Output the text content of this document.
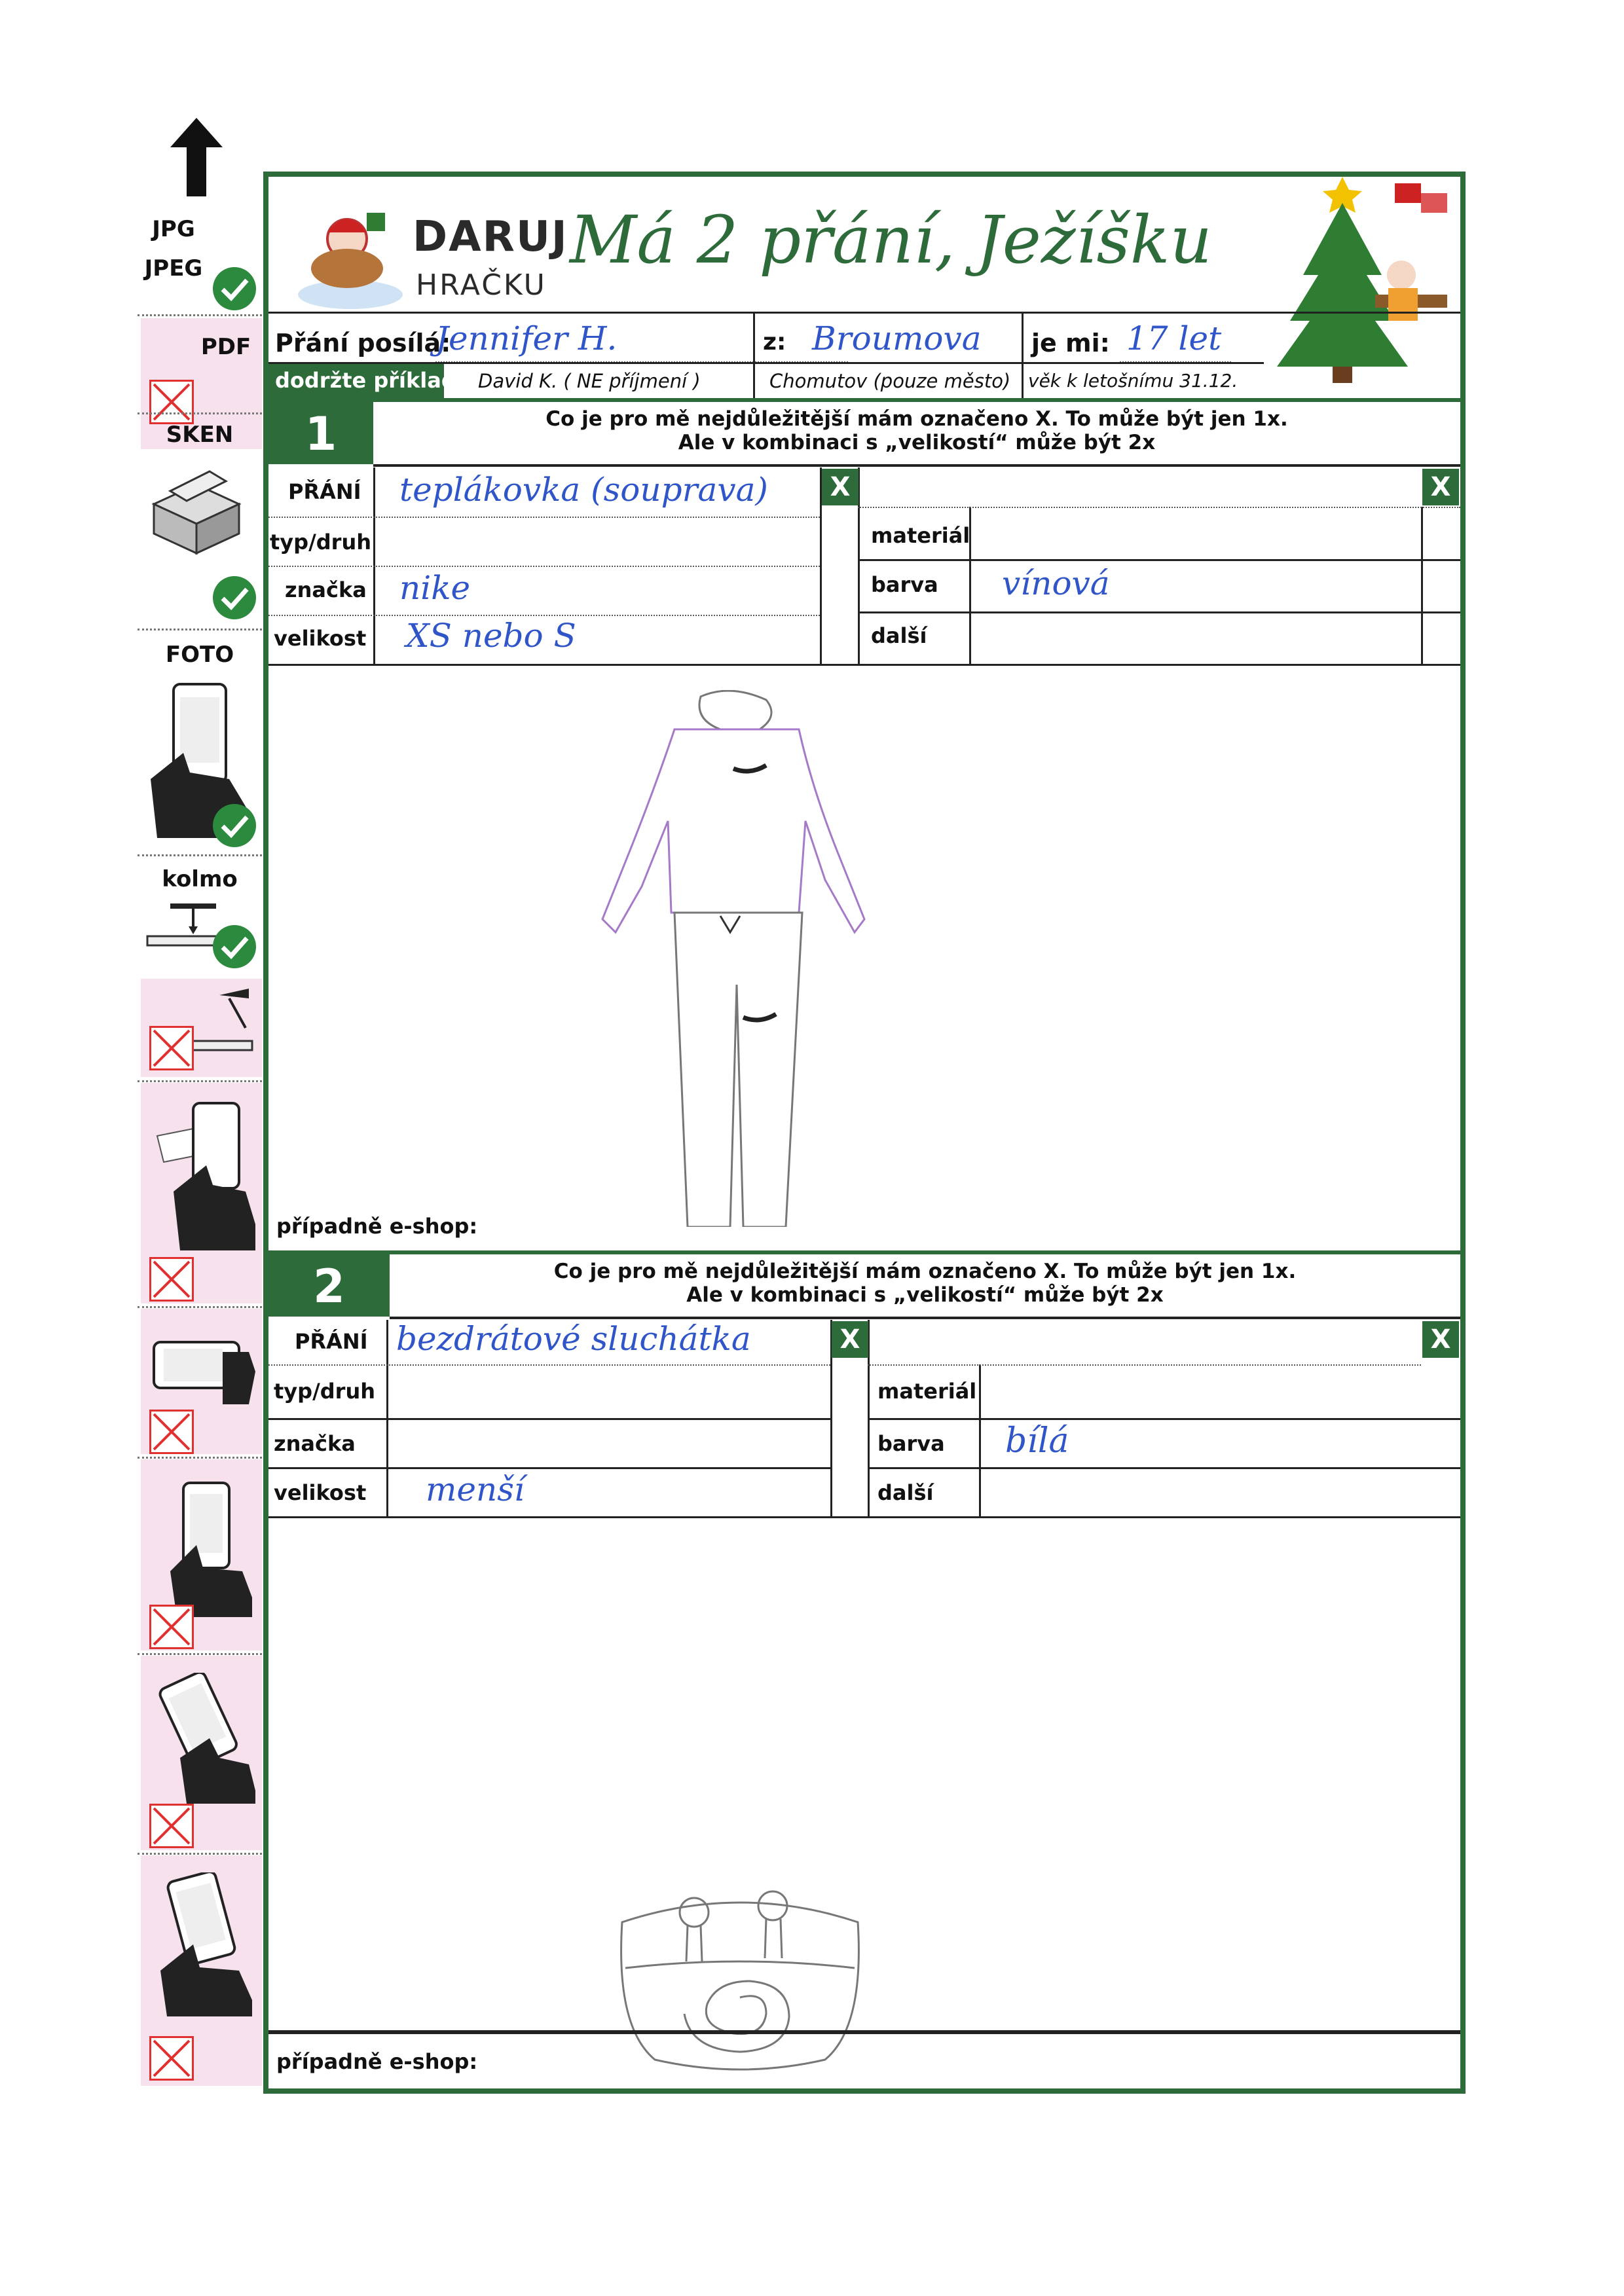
JPG
JPEG
PDF
SKEN
FOTO
kolmo
DARUJ
HRAČKU
Má 2 přání, Ježíšku
Přání posílá:
Jennifer H.	z: Broumova je mi: 17 let
dodržte příklady: David K. ( NE příjmení )	Chomutov (pouze město) věk k letošnímu 31.12.
1	Co je pro mě nejdůležitější mám označeno X. To může být jen 1x.
Ale v kombinaci s „velikostí“ může být 2x
PŘÁNÍ teplákovka (souprava)
typ/druh
značka nike
velikost XS nebo S
X
materiál
barva vínová
další
X
případně e-shop:
2	Co je pro mě nejdůležitější mám označeno X. To může být jen 1x.
Ale v kombinaci s „velikostí“ může být 2x
PŘÁNÍ bezdrátové sluchátka
typ/druh
značka
velikost menší
X
materiál
barva bílá
další
X
případně e-shop:
